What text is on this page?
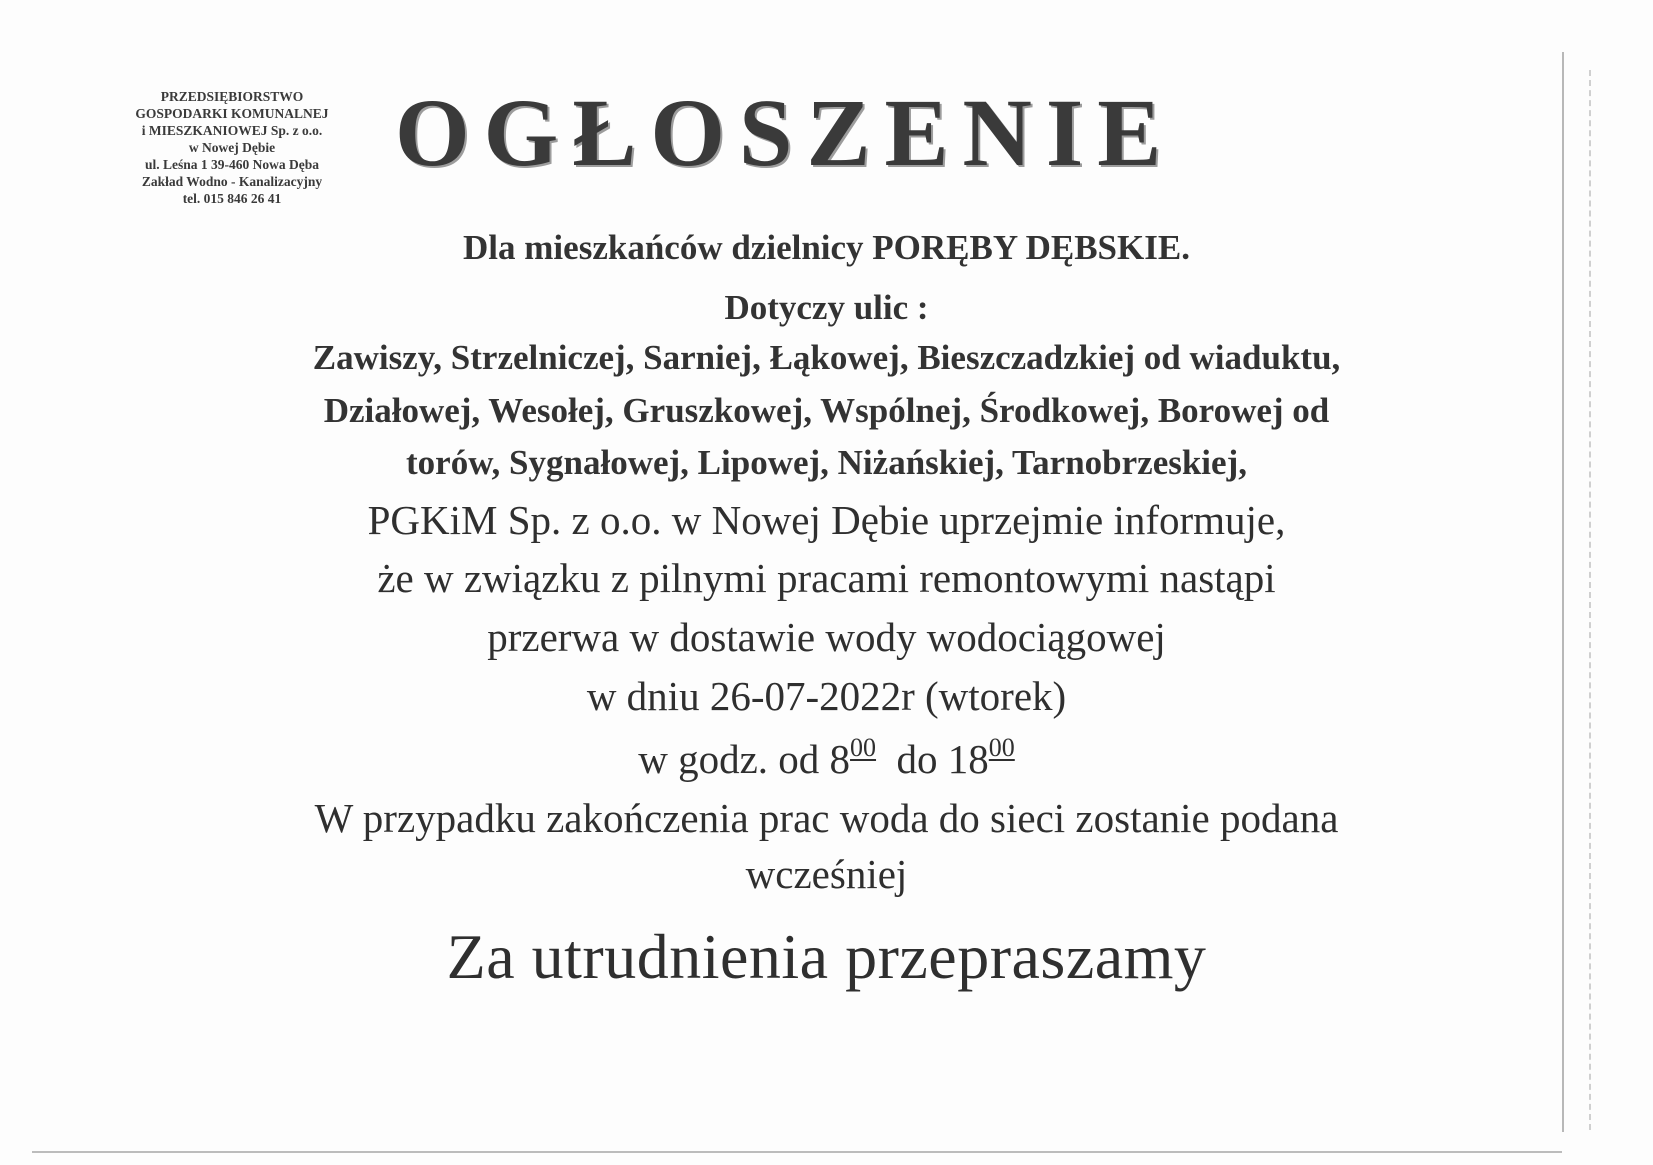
PRZEDSIĘBIORSTWO
GOSPODARKI KOMUNALNEJ
i MIESZKANIOWEJ Sp. z o.o.
w Nowej Dębie
ul. Leśna 1 39-460 Nowa Dęba
Zakład Wodno - Kanalizacyjny
tel. 015 846 26 41
OGŁOSZENIE
Dla mieszkańców dzielnicy PORĘBY DĘBSKIE.
Dotyczy ulic :
Zawiszy, Strzelniczej, Sarniej, Łąkowej, Bieszczadzkiej od wiaduktu,
Działowej, Wesołej, Gruszkowej, Wspólnej, Środkowej, Borowej od
torów, Sygnałowej, Lipowej, Niżańskiej, Tarnobrzeskiej,
PGKiM Sp. z o.o. w Nowej Dębie uprzejmie informuje,
że w związku z pilnymi pracami remontowymi nastąpi
przerwa w dostawie wody wodociągowej
w dniu 26-07-2022r (wtorek)
w godz. od $8^{00}$  do $18^{00}$
W przypadku zakończenia prac woda do sieci zostanie podana
wcześniej
Za utrudnienia przepraszamy
